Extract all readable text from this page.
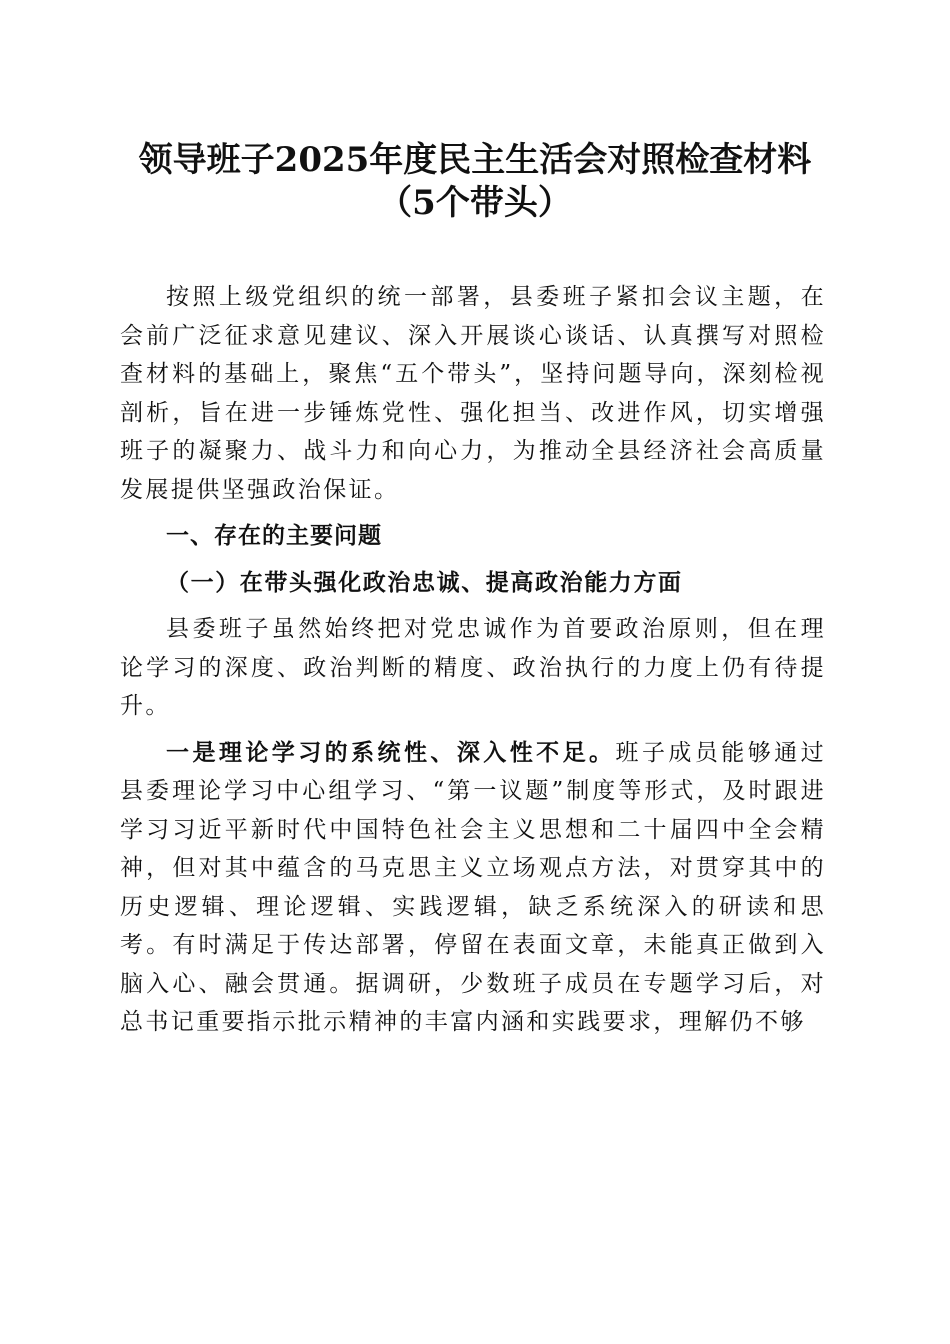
领导班子2025年度民主生活会对照检查材料
（5个带头）

按照上级党组织的统一部署，县委班子紧扣会议主题，在会前广泛征求意见建议、深入开展谈心谈话、认真撰写对照检查材料的基础上，聚焦“五个带头”，坚持问题导向，深刻检视剖析，旨在进一步锤炼党性、强化担当、改进作风，切实增强班子的凝聚力、战斗力和向心力，为推动全县经济社会高质量发展提供坚强政治保证。

一、存在的主要问题

（一）在带头强化政治忠诚、提高政治能力方面

县委班子虽然始终把对党忠诚作为首要政治原则，但在理论学习的深度、政治判断的精度、政治执行的力度上仍有待提升。

一是理论学习的系统性、深入性不足。班子成员能够通过县委理论学习中心组学习、“第一议题”制度等形式，及时跟进学习习近平新时代中国特色社会主义思想和二十届四中全会精神，但对其中蕴含的马克思主义立场观点方法，对贯穿其中的历史逻辑、理论逻辑、实践逻辑，缺乏系统深入的研读和思考。有时满足于传达部署，停留在表面文章，未能真正做到入脑入心、融会贯通。据调研，少数班子成员在专题学习后，对总书记重要指示批示精神的丰富内涵和实践要求，理解仍不够
